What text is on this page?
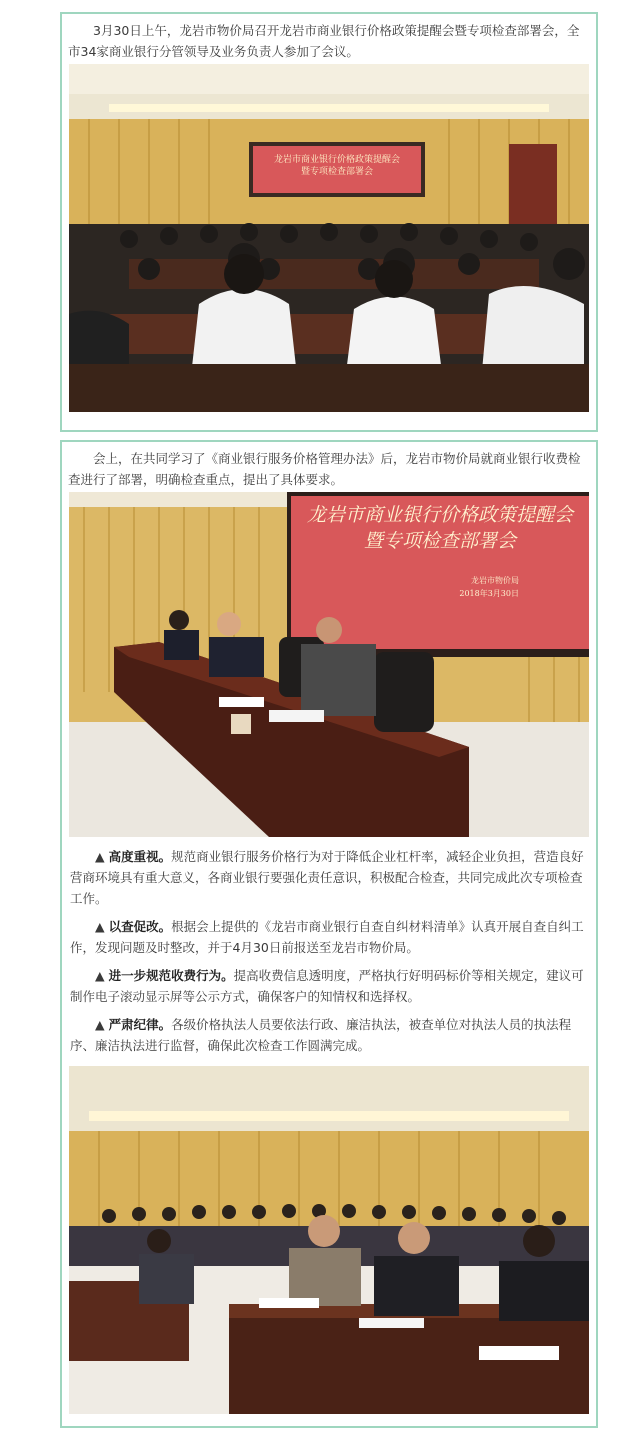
3月30日上午，龙岩市物价局召开龙岩市商业银行价格政策提醒会暨专项检查部署会，全市34家商业银行分管领导及业务负责人参加了会议。

龙岩市商业银行价格政策提醒会
暨专项检查部署会

会上，在共同学习了《商业银行服务价格管理办法》后，龙岩市物价局就商业银行收费检查进行了部署，明确检查重点，提出了具体要求。

龙岩市商业银行价格政策提醒会
暨专项检查部署会
龙岩市物价局
2018年3月30日

▲ 高度重视。规范商业银行服务价格行为对于降低企业杠杆率，减轻企业负担，营造良好营商环境具有重大意义，各商业银行要强化责任意识，积极配合检查，共同完成此次专项检查工作。

▲ 以查促改。根据会上提供的《龙岩市商业银行自查自纠材料清单》认真开展自查自纠工作，发现问题及时整改，并于4月30日前报送至龙岩市物价局。

▲ 进一步规范收费行为。提高收费信息透明度，严格执行好明码标价等相关规定，建议可制作电子滚动显示屏等公示方式，确保客户的知情权和选择权。

▲ 严肃纪律。各级价格执法人员要依法行政、廉洁执法，被查单位对执法人员的执法程序、廉洁执法进行监督，确保此次检查工作圆满完成。
